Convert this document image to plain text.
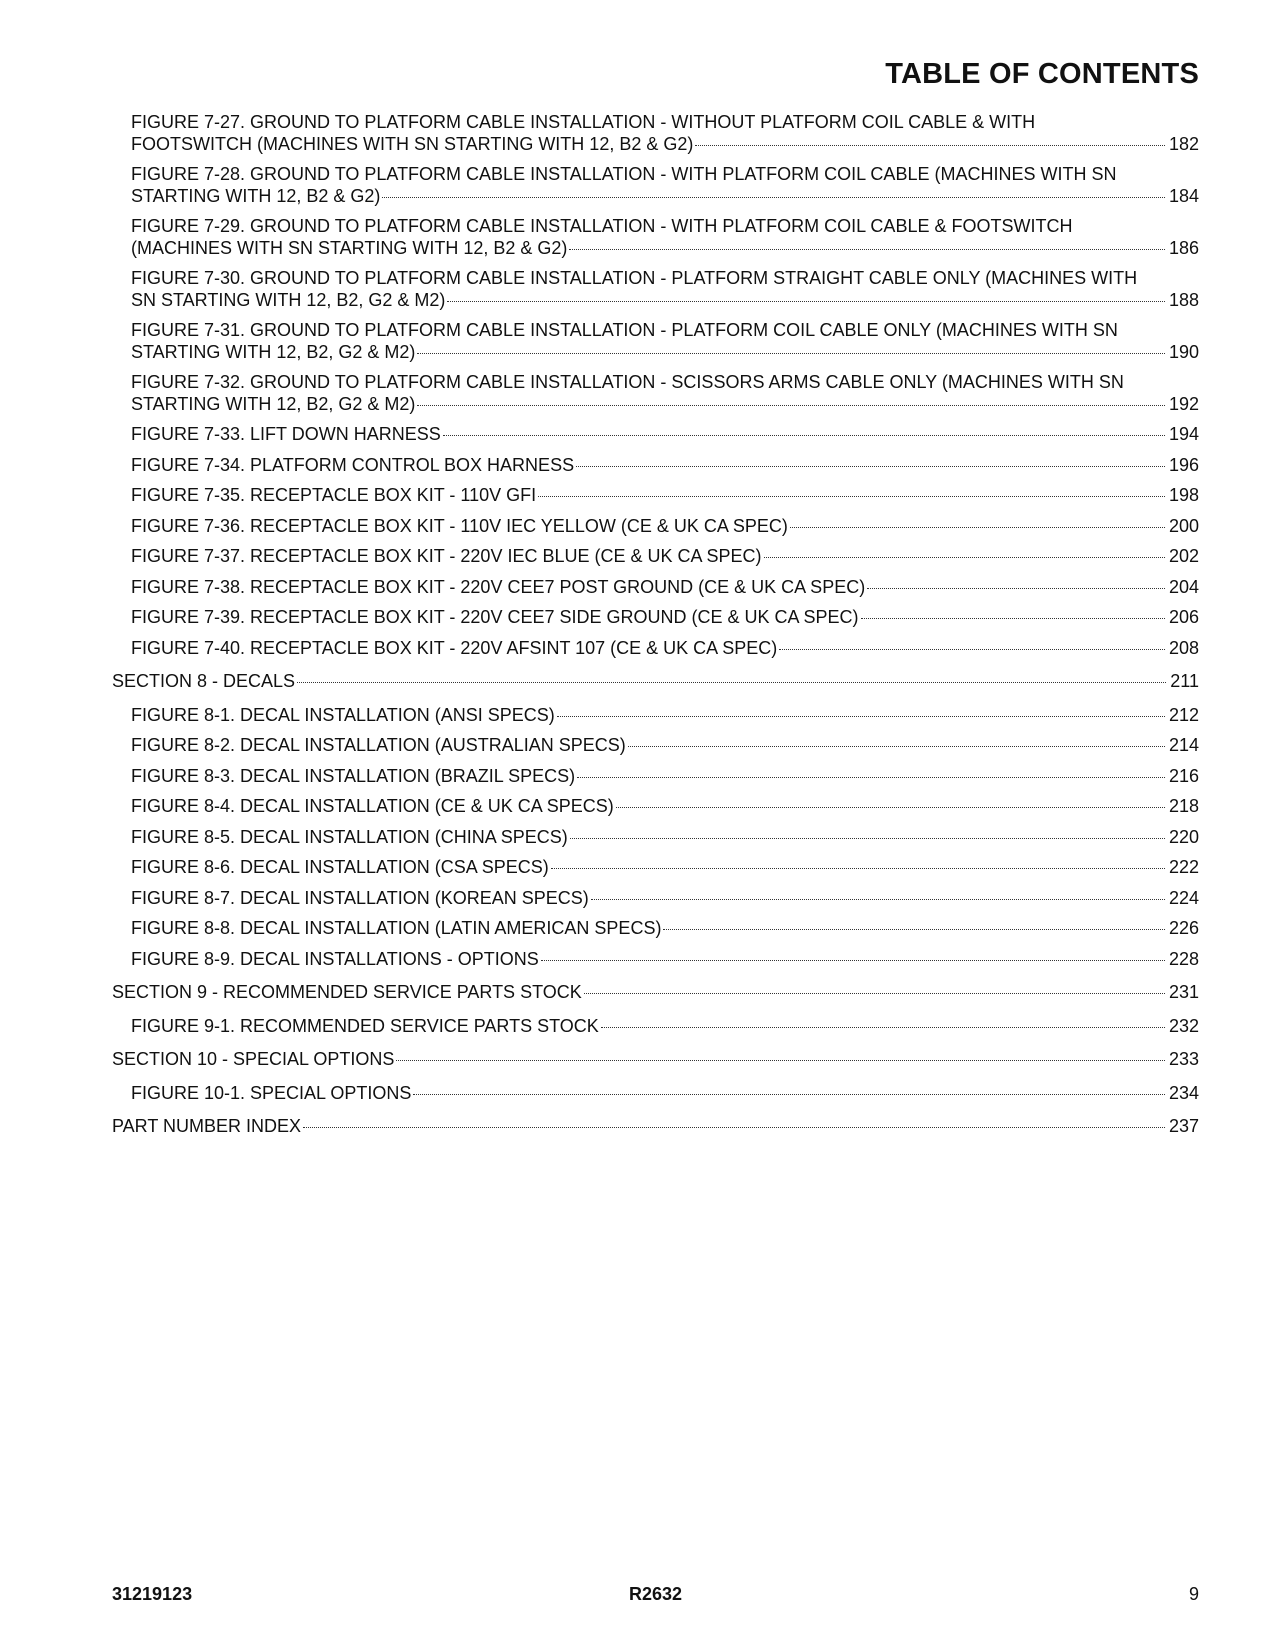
TABLE OF CONTENTS
FIGURE 7-27. GROUND TO PLATFORM CABLE INSTALLATION - WITHOUT PLATFORM COIL CABLE & WITH
FOOTSWITCH (MACHINES WITH SN STARTING WITH 12, B2 & G2)	182
FIGURE 7-28. GROUND TO PLATFORM CABLE INSTALLATION - WITH PLATFORM COIL CABLE (MACHINES WITH SN
STARTING WITH 12, B2 & G2)	184
FIGURE 7-29. GROUND TO PLATFORM CABLE INSTALLATION - WITH PLATFORM COIL CABLE & FOOTSWITCH
(MACHINES WITH SN STARTING WITH 12, B2 & G2)	186
FIGURE 7-30. GROUND TO PLATFORM CABLE INSTALLATION - PLATFORM STRAIGHT CABLE ONLY (MACHINES WITH
SN STARTING WITH 12, B2, G2 & M2)	188
FIGURE 7-31. GROUND TO PLATFORM CABLE INSTALLATION - PLATFORM COIL CABLE ONLY (MACHINES WITH SN
STARTING WITH 12, B2, G2 & M2)	190
FIGURE 7-32. GROUND TO PLATFORM CABLE INSTALLATION - SCISSORS ARMS CABLE ONLY (MACHINES WITH SN
STARTING WITH 12, B2, G2 & M2)	192
FIGURE 7-33. LIFT DOWN HARNESS	194
FIGURE 7-34. PLATFORM CONTROL BOX HARNESS	196
FIGURE 7-35. RECEPTACLE BOX KIT - 110V GFI	198
FIGURE 7-36. RECEPTACLE BOX KIT - 110V IEC YELLOW (CE & UK CA SPEC)	200
FIGURE 7-37. RECEPTACLE BOX KIT - 220V IEC BLUE (CE & UK CA SPEC)	202
FIGURE 7-38. RECEPTACLE BOX KIT - 220V CEE7 POST GROUND (CE & UK CA SPEC)	204
FIGURE 7-39. RECEPTACLE BOX KIT - 220V CEE7 SIDE GROUND (CE & UK CA SPEC)	206
FIGURE 7-40. RECEPTACLE BOX KIT - 220V AFSINT 107 (CE & UK CA SPEC)	208
SECTION 8 - DECALS	211
FIGURE 8-1. DECAL INSTALLATION (ANSI SPECS)	212
FIGURE 8-2. DECAL INSTALLATION (AUSTRALIAN SPECS)	214
FIGURE 8-3. DECAL INSTALLATION (BRAZIL SPECS)	216
FIGURE 8-4. DECAL INSTALLATION (CE & UK CA SPECS)	218
FIGURE 8-5. DECAL INSTALLATION (CHINA SPECS)	220
FIGURE 8-6. DECAL INSTALLATION (CSA SPECS)	222
FIGURE 8-7. DECAL INSTALLATION (KOREAN SPECS)	224
FIGURE 8-8. DECAL INSTALLATION (LATIN AMERICAN SPECS)	226
FIGURE 8-9. DECAL INSTALLATIONS - OPTIONS	228
SECTION 9 - RECOMMENDED SERVICE PARTS STOCK	231
FIGURE 9-1. RECOMMENDED SERVICE PARTS STOCK	232
SECTION 10 - SPECIAL OPTIONS	233
FIGURE 10-1. SPECIAL OPTIONS	234
PART NUMBER INDEX	237
31219123	R2632	9
